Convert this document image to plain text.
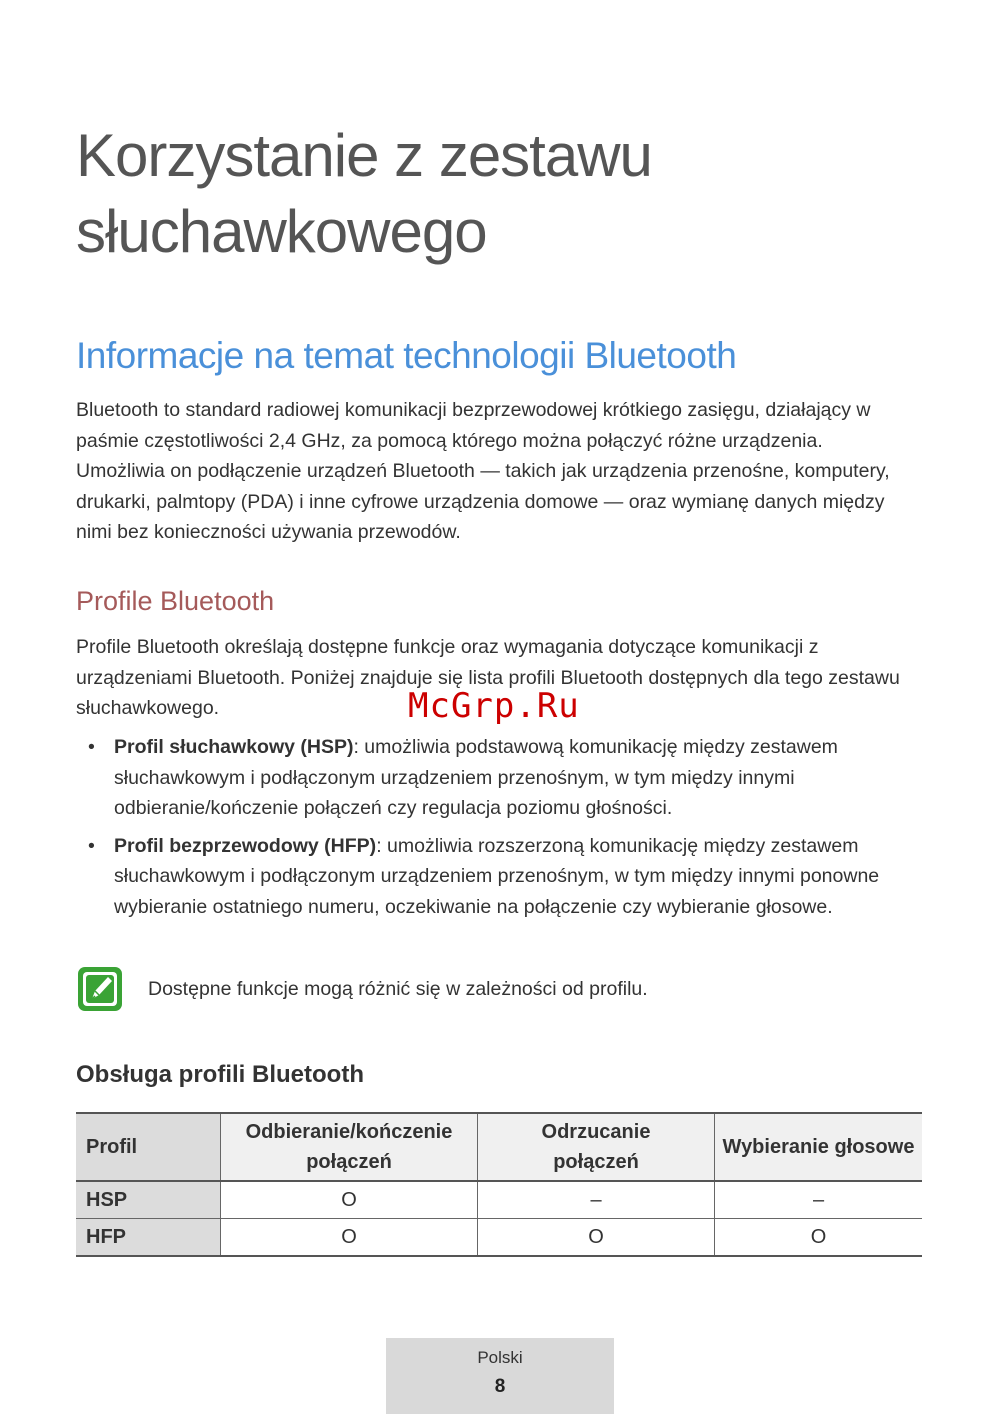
Korzystanie z zestawu
słuchawkowego
Informacje na temat technologii Bluetooth

Bluetooth to standard radiowej komunikacji bezprzewodowej krótkiego zasięgu, działający w paśmie częstotliwości 2,4 GHz, za pomocą którego można połączyć różne urządzenia. Umożliwia on podłączenie urządzeń Bluetooth — takich jak urządzenia przenośne, komputery, drukarki, palmtopy (PDA) i inne cyfrowe urządzenia domowe — oraz wymianę danych między nimi bez konieczności używania przewodów.

Profile Bluetooth

Profile Bluetooth określają dostępne funkcje oraz wymagania dotyczące komunikacji z urządzeniami Bluetooth. Poniżej znajduje się lista profili Bluetooth dostępnych dla tego zestawu słuchawkowego.

• Profil słuchawkowy (HSP): umożliwia podstawową komunikację między zestawem słuchawkowym i podłączonym urządzeniem przenośnym, w tym między innymi odbieranie/kończenie połączeń czy regulacja poziomu głośności.
• Profil bezprzewodowy (HFP): umożliwia rozszerzoną komunikację między zestawem słuchawkowym i podłączonym urządzeniem przenośnym, w tym między innymi ponowne wybieranie ostatniego numeru, oczekiwanie na połączenie czy wybieranie głosowe.
Dostępne funkcje mogą różnić się w zależności od profilu.
Obsługa profili Bluetooth
Profil	Odbieranie/kończenie połączeń	Odrzucanie połączeń	Wybieranie głosowe
HSP	O	–	–
HFP	O	O	O
McGrp.Ru
Polski
8
